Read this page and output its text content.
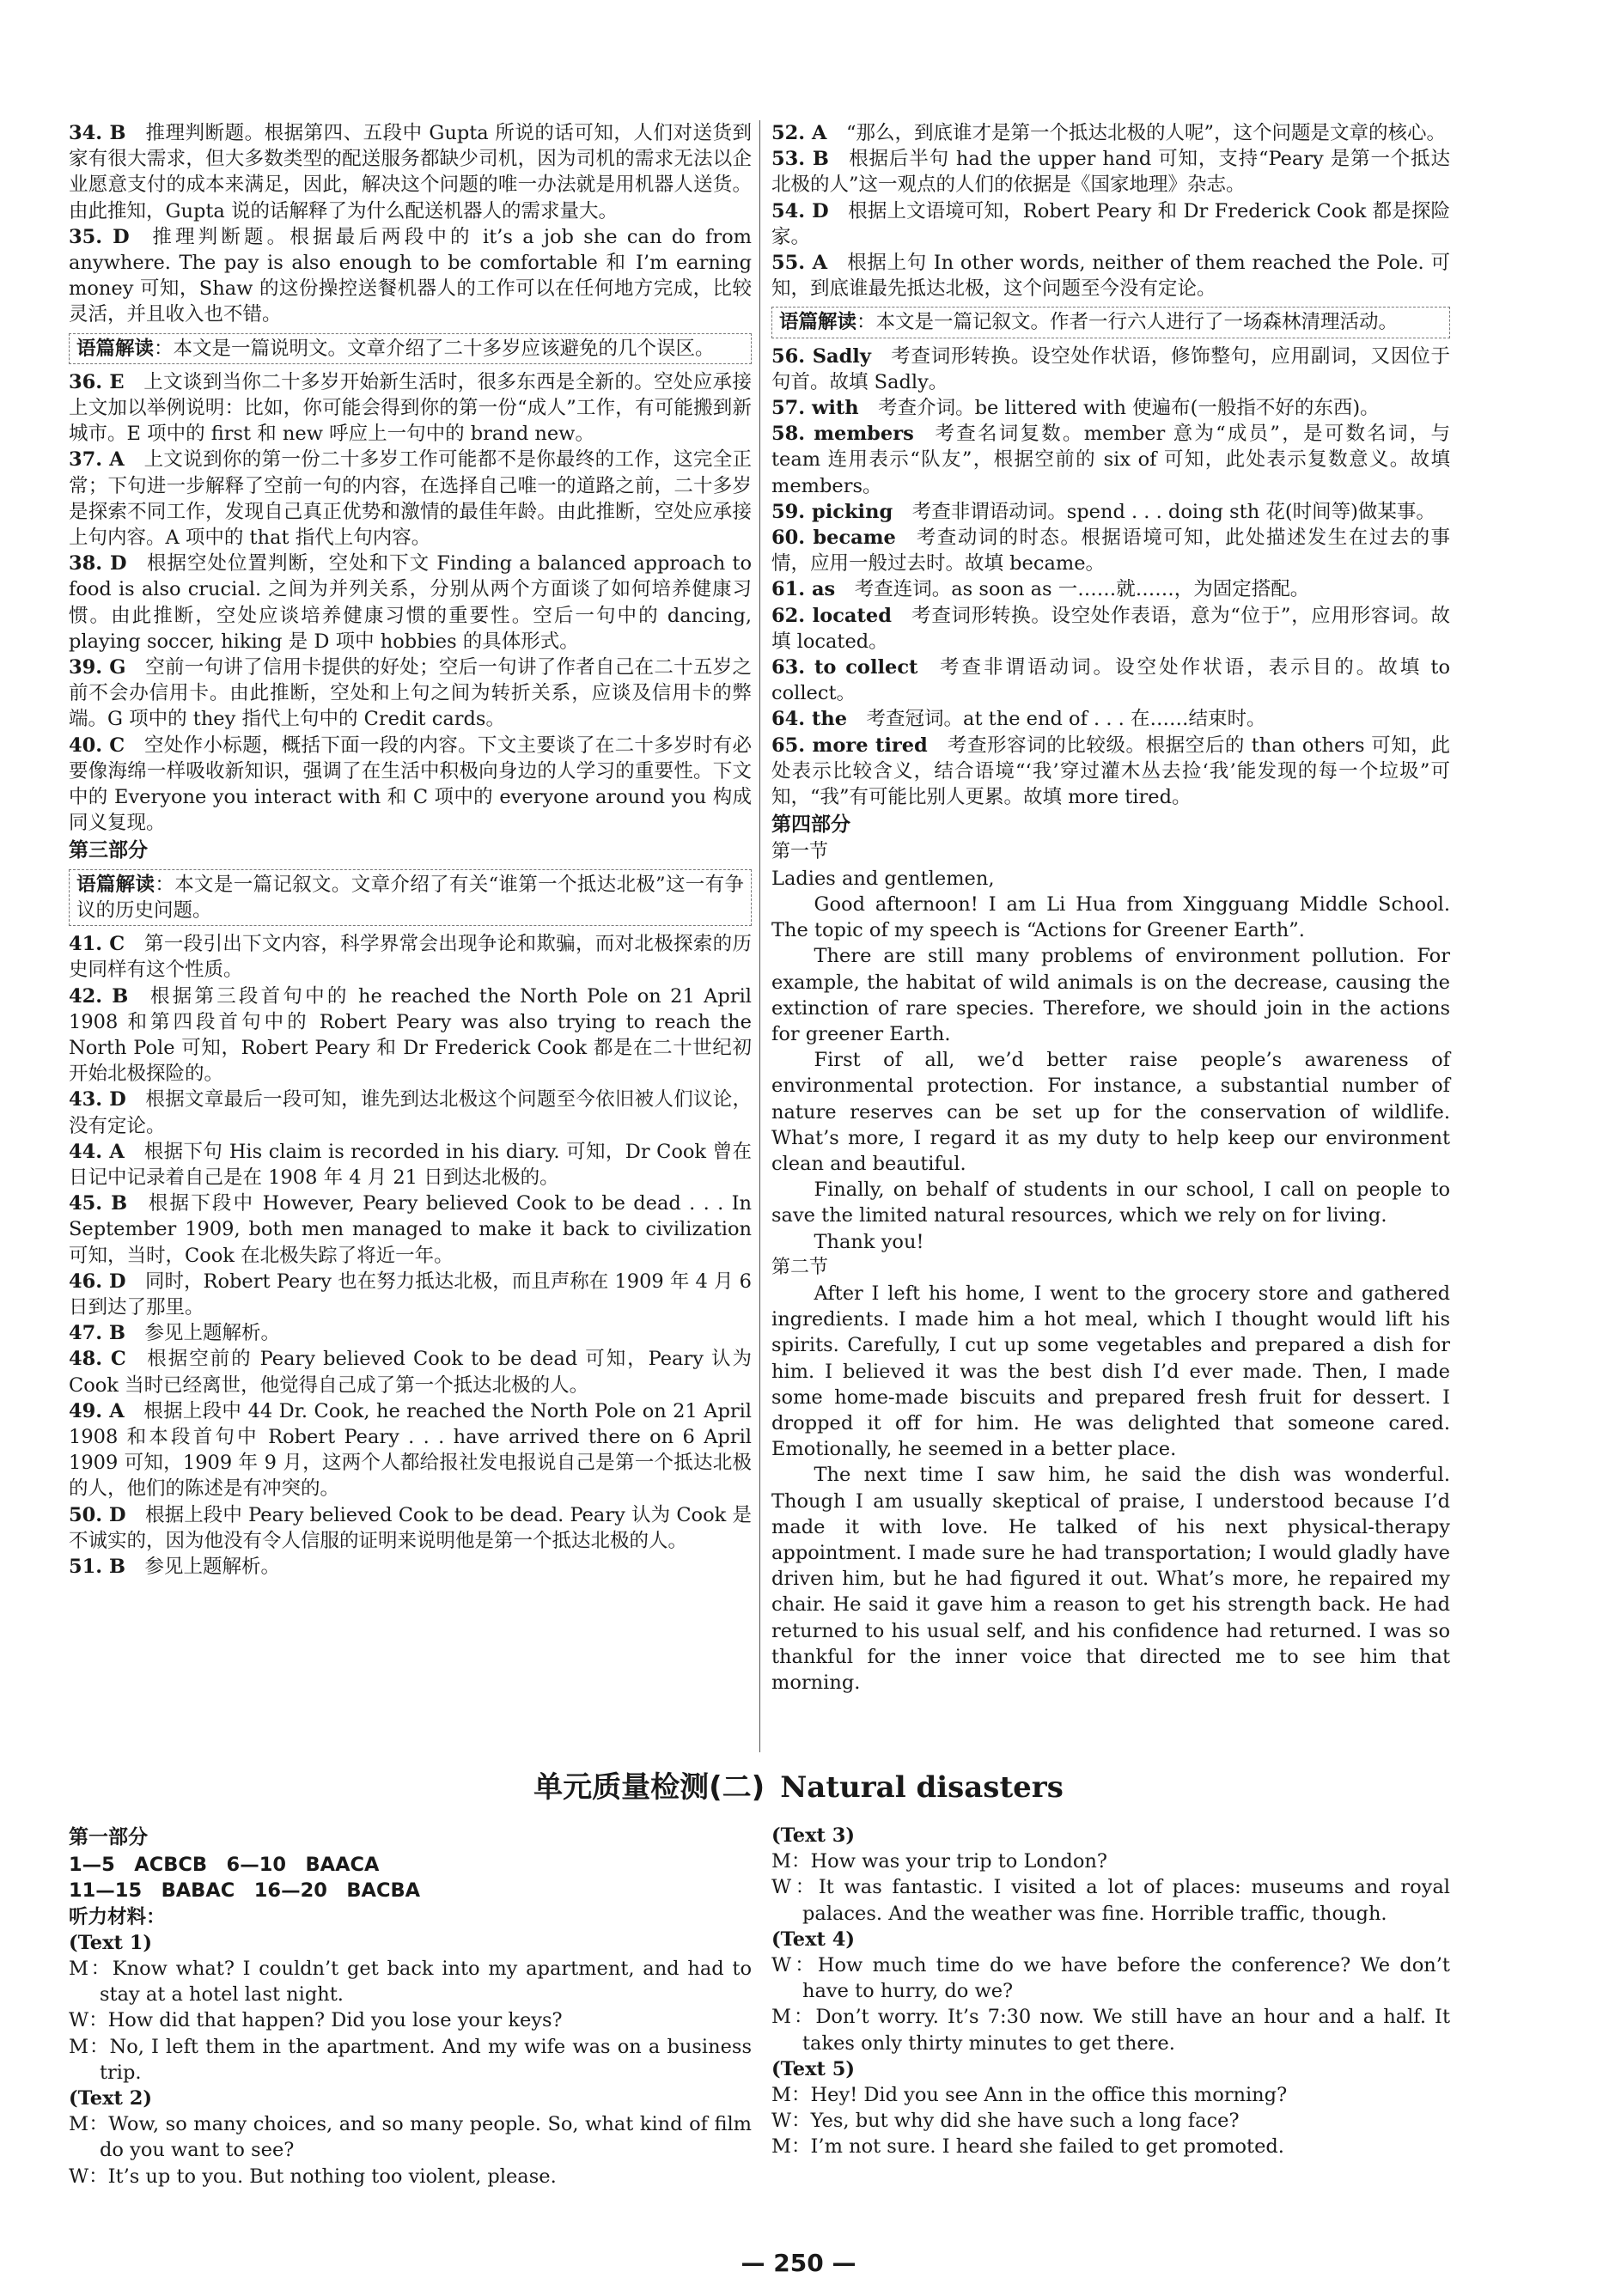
34. B  推理判断题。根据第四、五段中 Gupta 所说的话可知，人们对送货到家有很大需求，但大多数类型的配送服务都缺少司机，因为司机的需求无法以企业愿意支付的成本来满足，因此，解决这个问题的唯一办法就是用机器人送货。由此推知，Gupta 说的话解释了为什么配送机器人的需求量大。

35. D  推理判断题。根据最后两段中的 it’s a job she can do from anywhere. The pay is also enough to be comfortable 和 I’m earning money 可知，Shaw 的这份操控送餐机器人的工作可以在任何地方完成，比较灵活，并且收入也不错。

语篇解读：本文是一篇说明文。文章介绍了二十多岁应该避免的几个误区。

36. E  上文谈到当你二十多岁开始新生活时，很多东西是全新的。空处应承接上文加以举例说明：比如，你可能会得到你的第一份“成人”工作，有可能搬到新城市。E 项中的 first 和 new 呼应上一句中的 brand new。

37. A  上文说到你的第一份二十多岁工作可能都不是你最终的工作，这完全正常；下句进一步解释了空前一句的内容，在选择自己唯一的道路之前，二十多岁是探索不同工作，发现自己真正优势和激情的最佳年龄。由此推断，空处应承接上句内容。A 项中的 that 指代上句内容。

38. D  根据空处位置判断，空处和下文 Finding a balanced approach to food is also crucial. 之间为并列关系，分别从两个方面谈了如何培养健康习惯。由此推断，空处应谈培养健康习惯的重要性。空后一句中的 dancing, playing soccer, hiking 是 D 项中 hobbies 的具体形式。

39. G  空前一句讲了信用卡提供的好处；空后一句讲了作者自己在二十五岁之前不会办信用卡。由此推断，空处和上句之间为转折关系，应谈及信用卡的弊端。G 项中的 they 指代上句中的 Credit cards。

40. C  空处作小标题，概括下面一段的内容。下文主要谈了在二十多岁时有必要像海绵一样吸收新知识，强调了在生活中积极向身边的人学习的重要性。下文中的 Everyone you interact with 和 C 项中的 everyone around you 构成同义复现。

第三部分

语篇解读：本文是一篇记叙文。文章介绍了有关“谁第一个抵达北极”这一有争议的历史问题。

41. C  第一段引出下文内容，科学界常会出现争论和欺骗，而对北极探索的历史同样有这个性质。

42. B  根据第三段首句中的 he reached the North Pole on 21 April 1908 和第四段首句中的 Robert Peary was also trying to reach the North Pole 可知，Robert Peary 和 Dr Frederick Cook 都是在二十世纪初开始北极探险的。

43. D  根据文章最后一段可知，谁先到达北极这个问题至今依旧被人们议论，没有定论。

44. A  根据下句 His claim is recorded in his diary. 可知，Dr Cook 曾在日记中记录着自己是在 1908 年 4 月 21 日到达北极的。

45. B  根据下段中 However, Peary believed Cook to be dead . . . In September 1909, both men managed to make it back to civilization 可知，当时，Cook 在北极失踪了将近一年。

46. D  同时，Robert Peary 也在努力抵达北极，而且声称在 1909 年 4 月 6 日到达了那里。

47. B  参见上题解析。

48. C  根据空前的 Peary believed Cook to be dead 可知，Peary 认为 Cook 当时已经离世，他觉得自己成了第一个抵达北极的人。

49. A  根据上段中 44 Dr. Cook, he reached the North Pole on 21 April 1908 和本段首句中 Robert Peary . . . have arrived there on 6 April 1909 可知，1909 年 9 月，这两个人都给报社发电报说自己是第一个抵达北极的人，他们的陈述是有冲突的。

50. D  根据上段中 Peary believed Cook to be dead. Peary 认为 Cook 是不诚实的，因为他没有令人信服的证明来说明他是第一个抵达北极的人。

51. B  参见上题解析。

52. A  “那么，到底谁才是第一个抵达北极的人呢”，这个问题是文章的核心。

53. B  根据后半句 had the upper hand 可知，支持“Peary 是第一个抵达北极的人”这一观点的人们的依据是《国家地理》杂志。

54. D  根据上文语境可知，Robert Peary 和 Dr Frederick Cook 都是探险家。

55. A  根据上句 In other words, neither of them reached the Pole. 可知，到底谁最先抵达北极，这个问题至今没有定论。

语篇解读：本文是一篇记叙文。作者一行六人进行了一场森林清理活动。

56. Sadly  考查词形转换。设空处作状语，修饰整句，应用副词，又因位于句首。故填 Sadly。

57. with  考查介词。be littered with 使遍布(一般指不好的东西)。

58. members  考查名词复数。member 意为“成员”，是可数名词，与 team 连用表示“队友”，根据空前的 six of 可知，此处表示复数意义。故填 members。

59. picking  考查非谓语动词。spend . . . doing sth 花(时间等)做某事。

60. became  考查动词的时态。根据语境可知，此处描述发生在过去的事情，应用一般过去时。故填 became。

61. as  考查连词。as soon as 一……就……，为固定搭配。

62. located  考查词形转换。设空处作表语，意为“位于”，应用形容词。故填 located。

63. to collect  考查非谓语动词。设空处作状语，表示目的。故填 to collect。

64. the  考查冠词。at the end of . . . 在……结束时。

65. more tired  考查形容词的比较级。根据空后的 than others 可知，此处表示比较含义，结合语境“‘我’穿过灌木丛去捡‘我’能发现的每一个垃圾”可知，“我”有可能比别人更累。故填 more tired。

第四部分

第一节

Ladies and gentlemen,

Good afternoon! I am Li Hua from Xingguang Middle School. The topic of my speech is “Actions for Greener Earth”.

There are still many problems of environment pollution. For example, the habitat of wild animals is on the decrease, causing the extinction of rare species. Therefore, we should join in the actions for greener Earth.

First of all, we’d better raise people’s awareness of environmental protection. For instance, a substantial number of nature reserves can be set up for the conservation of wildlife. What’s more, I regard it as my duty to help keep our environment clean and beautiful.

Finally, on behalf of students in our school, I call on people to save the limited natural resources, which we rely on for living.

Thank you!

第二节

After I left his home, I went to the grocery store and gathered ingredients. I made him a hot meal, which I thought would lift his spirits. Carefully, I cut up some vegetables and prepared a dish for him. I believed it was the best dish I’d ever made. Then, I made some home-made biscuits and prepared fresh fruit for dessert. I dropped it off for him. He was delighted that someone cared. Emotionally, he seemed in a better place.

The next time I saw him, he said the dish was wonderful. Though I am usually skeptical of praise, I understood because I’d made it with love. He talked of his next physical-therapy appointment. I made sure he had transportation; I would gladly have driven him, but he had figured it out. What’s more, he repaired my chair. He said it gave him a reason to get his strength back. He had returned to his usual self, and his confidence had returned. I was so thankful for the inner voice that directed me to see him that morning.

单元质量检测(二) Natural disasters

第一部分

1—5　ACBCB　6—10　BAACA

11—15　BABAC　16—20　BACBA

听力材料：

(Text 1)

M：Know what? I couldn’t get back into my apartment, and had to stay at a hotel last night.

W：How did that happen? Did you lose your keys?

M：No, I left them in the apartment. And my wife was on a business trip.

(Text 2)

M：Wow, so many choices, and so many people. So, what kind of film do you want to see?

W：It’s up to you. But nothing too violent, please.

(Text 3)

M：How was your trip to London?

W：It was fantastic. I visited a lot of places: museums and royal palaces. And the weather was fine. Horrible traffic, though.

(Text 4)

W：How much time do we have before the conference? We don’t have to hurry, do we?

M：Don’t worry. It’s 7:30 now. We still have an hour and a half. It takes only thirty minutes to get there.

(Text 5)

M：Hey! Did you see Ann in the office this morning?

W：Yes, but why did she have such a long face?

M：I’m not sure. I heard she failed to get promoted.

— 250 —
